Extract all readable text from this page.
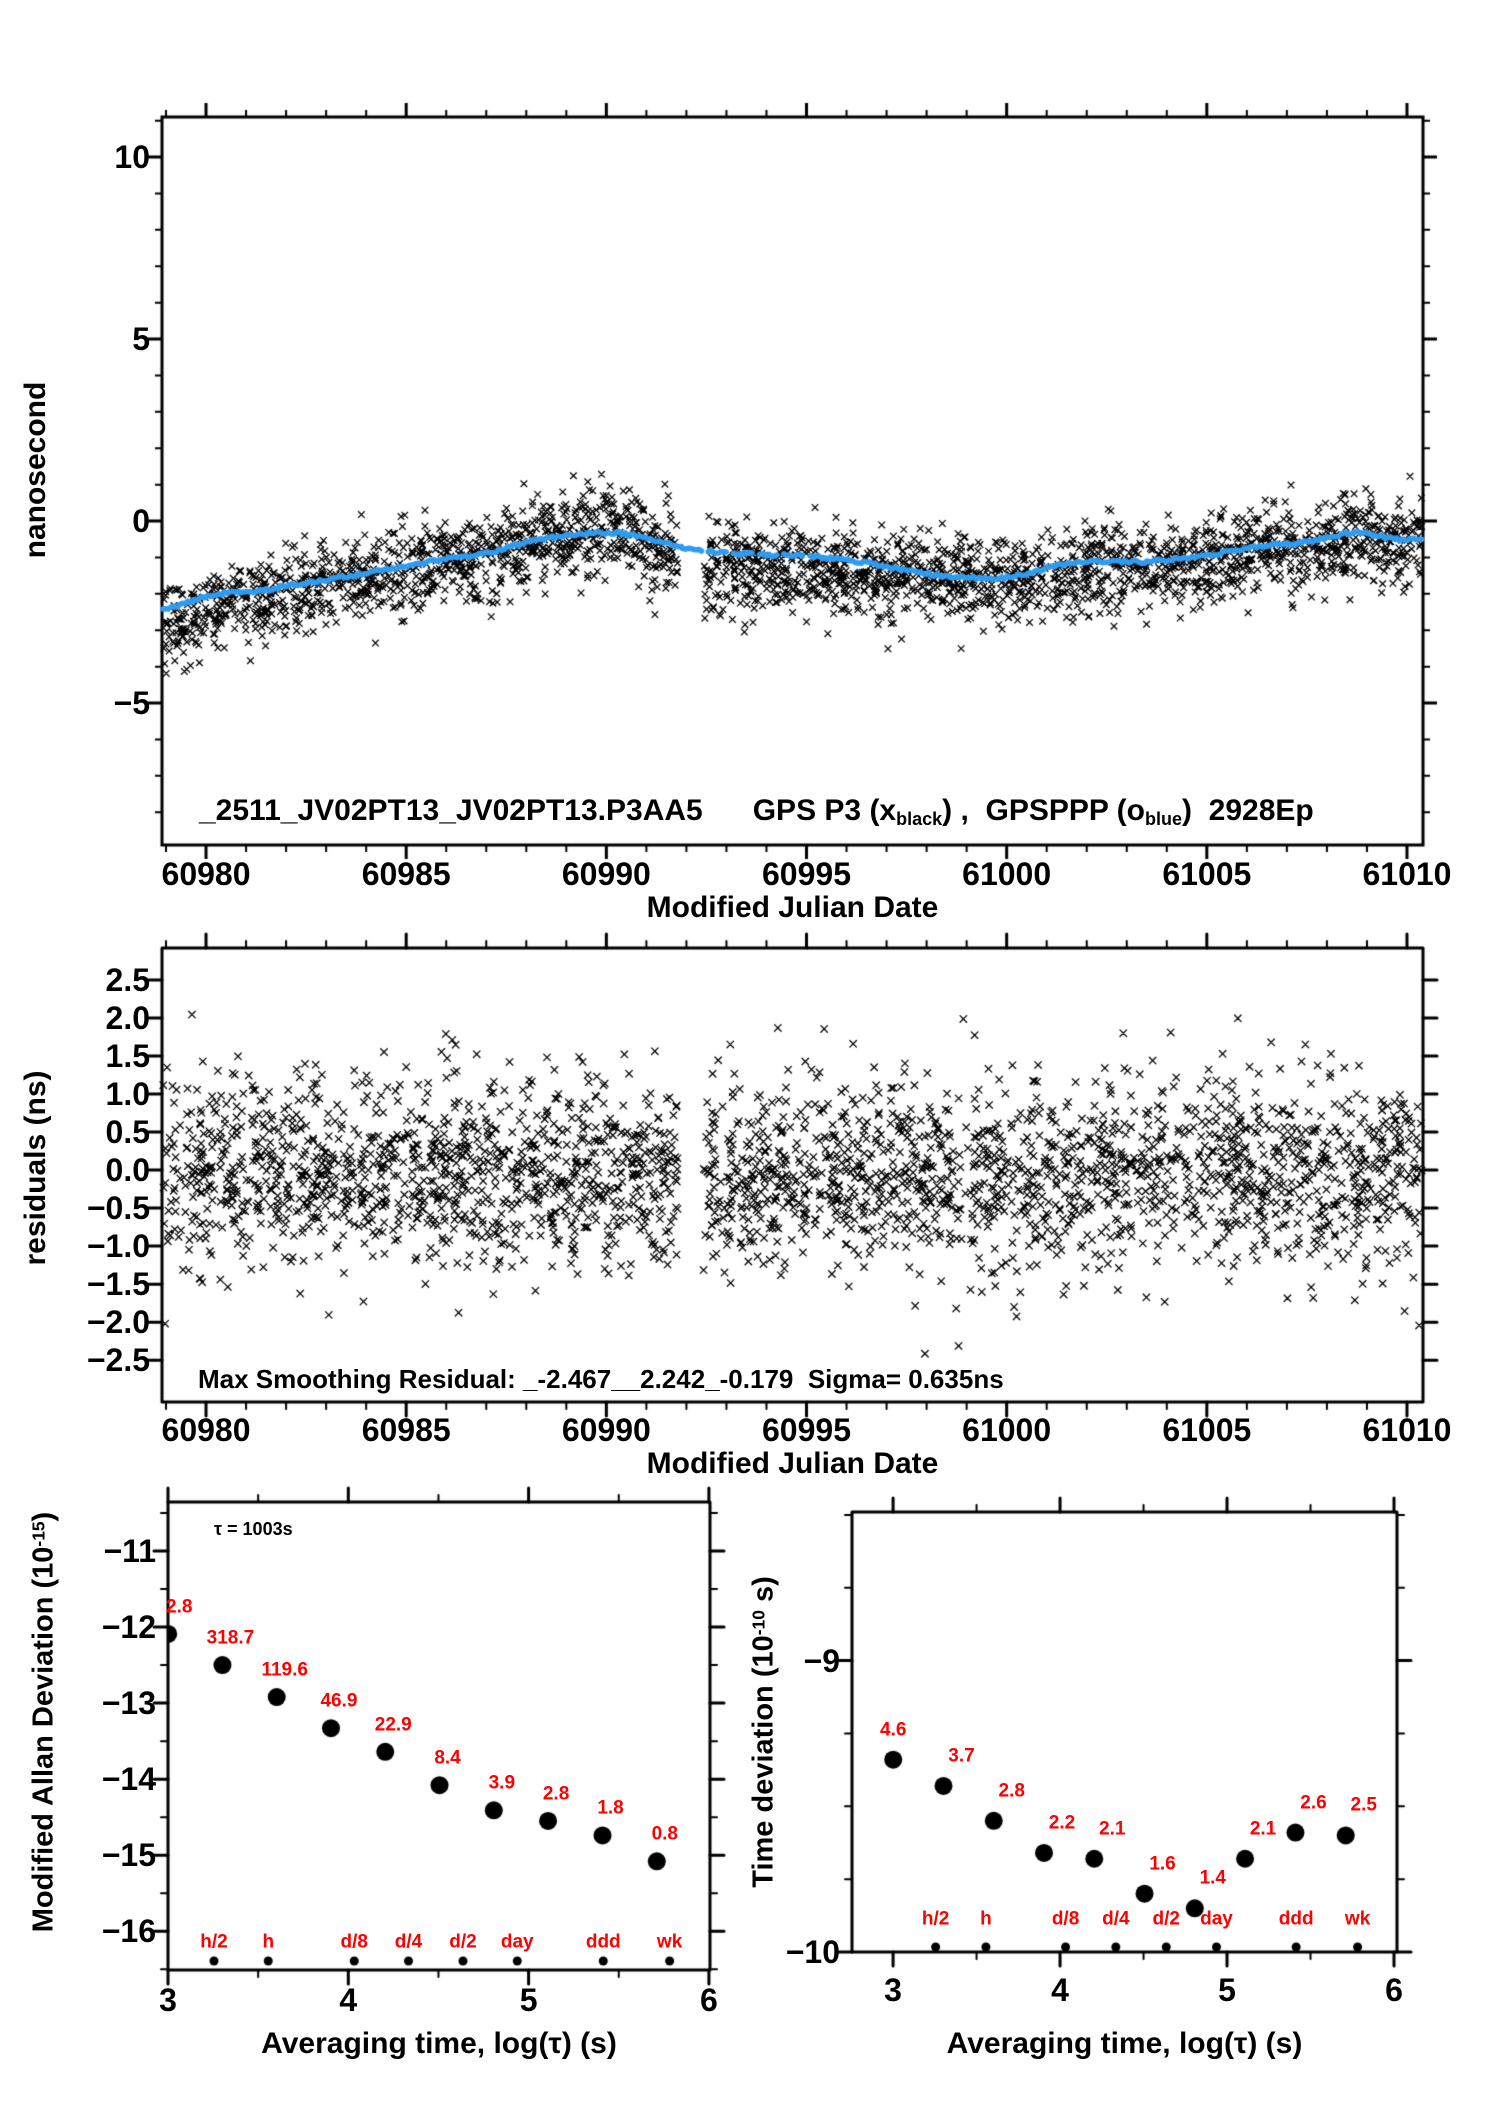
60980	60985	60990	60995	61000	61005	61010
10
5
0
−5
Modified Julian Date
nanosecond
_2511_JV02PT13_JV02PT13.P3AA5      GPS P3 (xblack) ,  GPSPPP (oblue)  2928Ep
60980	60985	60990	60995	61000	61005	61010
2.5
2.0
1.5
1.0
0.5
0.0
−0.5
−1.0
−1.5
−2.0
−2.5
Modified Julian Date
residuals (ns)
Max Smoothing Residual: _-2.467__2.242_-0.179  Sigma= 0.635ns
3	4	5	6
−11
−12
−13
−14
−15
−16
Averaging time, log(τ) (s)
Modified Allan Deviation $(10^{-15})$
τ = 1003s
2.8
318.7
119.6
46.9
22.9
8.4
3.9
2.8
1.8
0.8
h/2 h	d/8 d/4 d/2 day	ddd wk
3	4	5	6
−9
−10
Averaging time, log(τ) (s)
Time deviation ($10^{-10}$ s)
4.6
3.7
2.8
2.2 2.1
1.6
1.4
2.1
2.6 2.5
h/2 h	d/8 d/4 d/2 day ddd wk
